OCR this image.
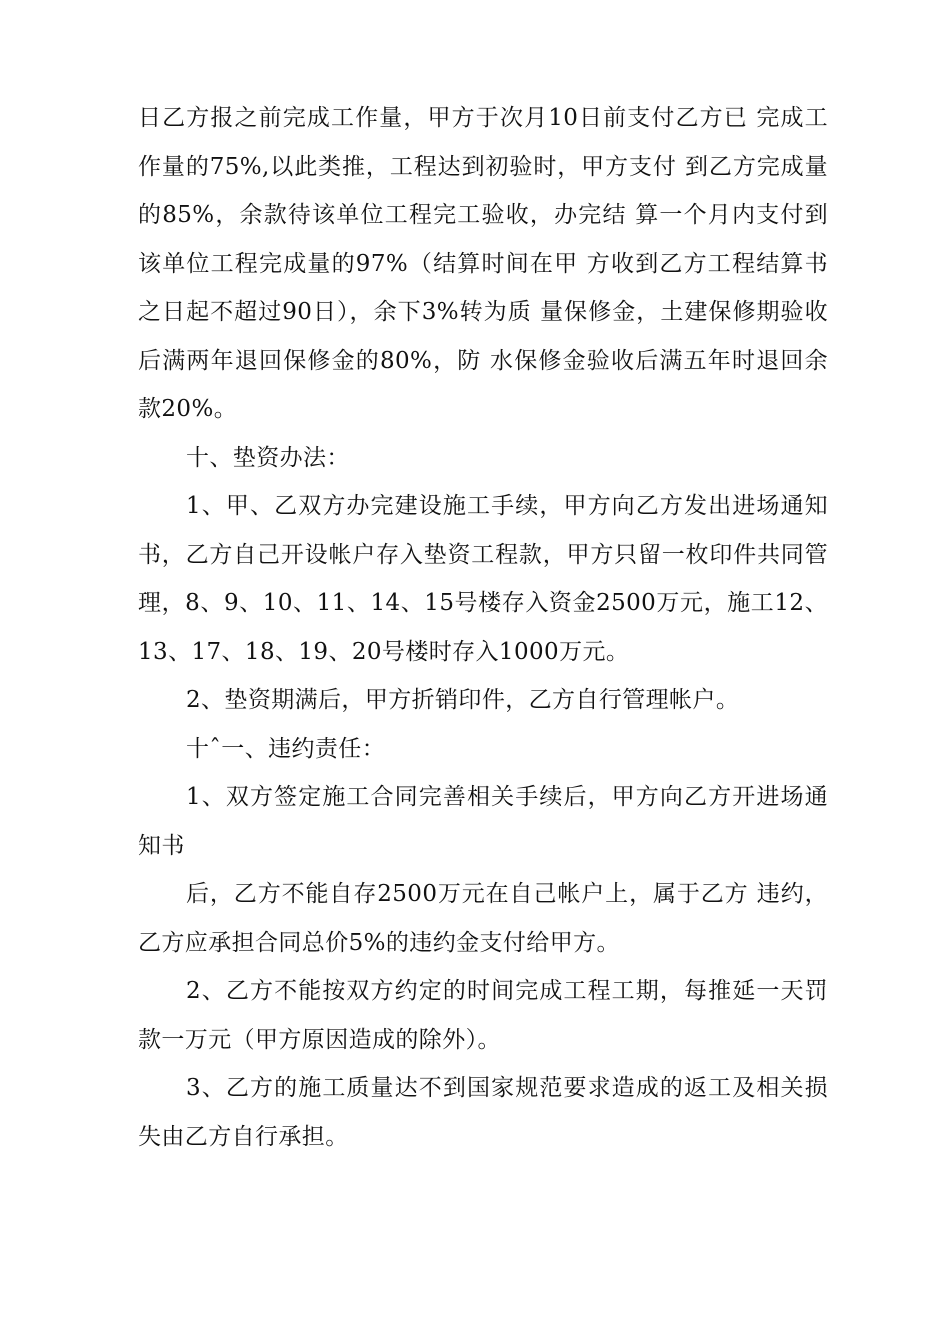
日乙方报之前完成工作量，甲方于次月10日前支付乙方已 完成工作量的75%,以此类推，工程达到初验时，甲方支付 到乙方完成量的85%，余款待该单位工程完工验收，办完结 算一个月内支付到该单位工程完成量的97%（结算时间在甲 方收到乙方工程结算书之日起不超过90日），余下3%转为质 量保修金，土建保修期验收后满两年退回保修金的80%，防 水保修金验收后满五年时退回余款20%。

十、垫资办法：

1、甲、乙双方办完建设施工手续，甲方向乙方发出进场通知书，乙方自己开设帐户存入垫资工程款，甲方只留一枚印件共同管理，8、9、10、11、14、15号楼存入资金2500万元，施工12、13、17、18、19、20号楼时存入1000万元。

2、垫资期满后，甲方折销印件，乙方自行管理帐户。

十ˆ一、违约责任：

1、双方签定施工合同完善相关手续后，甲方向乙方开进场通知书

后，乙方不能自存2500万元在自己帐户上，属于乙方 违约，乙方应承担合同总价5%的违约金支付给甲方。

2、乙方不能按双方约定的时间完成工程工期，每推延一天罚款一万元（甲方原因造成的除外）。

3、乙方的施工质量达不到国家规范要求造成的返工及相关损失由乙方自行承担。
